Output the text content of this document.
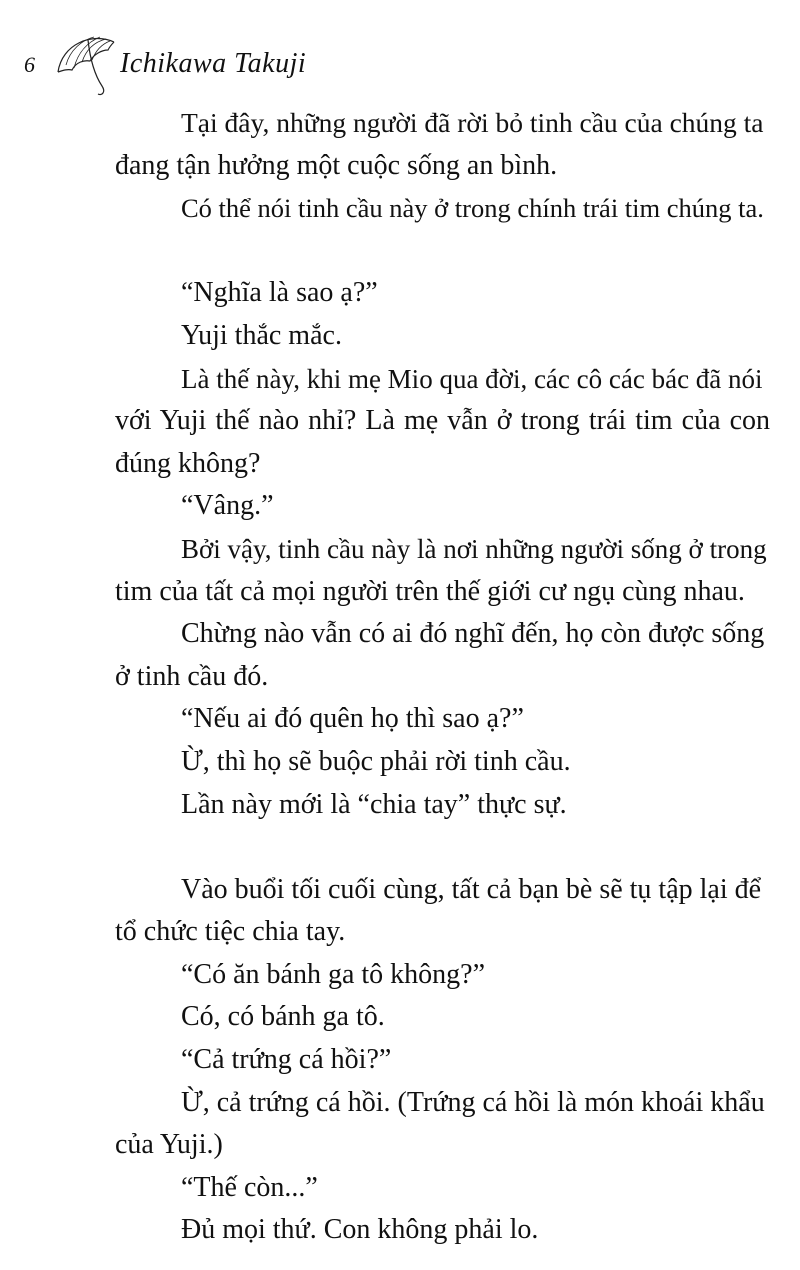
6	Ichikawa Takuji
Tại đây, những người đã rời bỏ tinh cầu của chúng ta
đang tận hưởng một cuộc sống an bình.
Có thể nói tinh cầu này ở trong chính trái tim chúng ta.
“Nghĩa là sao ạ?”
Yuji thắc mắc.
Là thế này, khi mẹ Mio qua đời, các cô các bác đã nói
với Yuji thế nào nhỉ? Là mẹ vẫn ở trong trái tim của con
đúng không?
“Vâng.”
Bởi vậy, tinh cầu này là nơi những người sống ở trong
tim của tất cả mọi người trên thế giới cư ngụ cùng nhau.
Chừng nào vẫn có ai đó nghĩ đến, họ còn được sống
ở tinh cầu đó.
“Nếu ai đó quên họ thì sao ạ?”
Ừ, thì họ sẽ buộc phải rời tinh cầu.
Lần này mới là “chia tay” thực sự.
Vào buổi tối cuối cùng, tất cả bạn bè sẽ tụ tập lại để
tổ chức tiệc chia tay.
“Có ăn bánh ga tô không?”
Có, có bánh ga tô.
“Cả trứng cá hồi?”
Ừ, cả trứng cá hồi. (Trứng cá hồi là món khoái khẩu
của Yuji.)
“Thế còn...”
Đủ mọi thứ. Con không phải lo.
